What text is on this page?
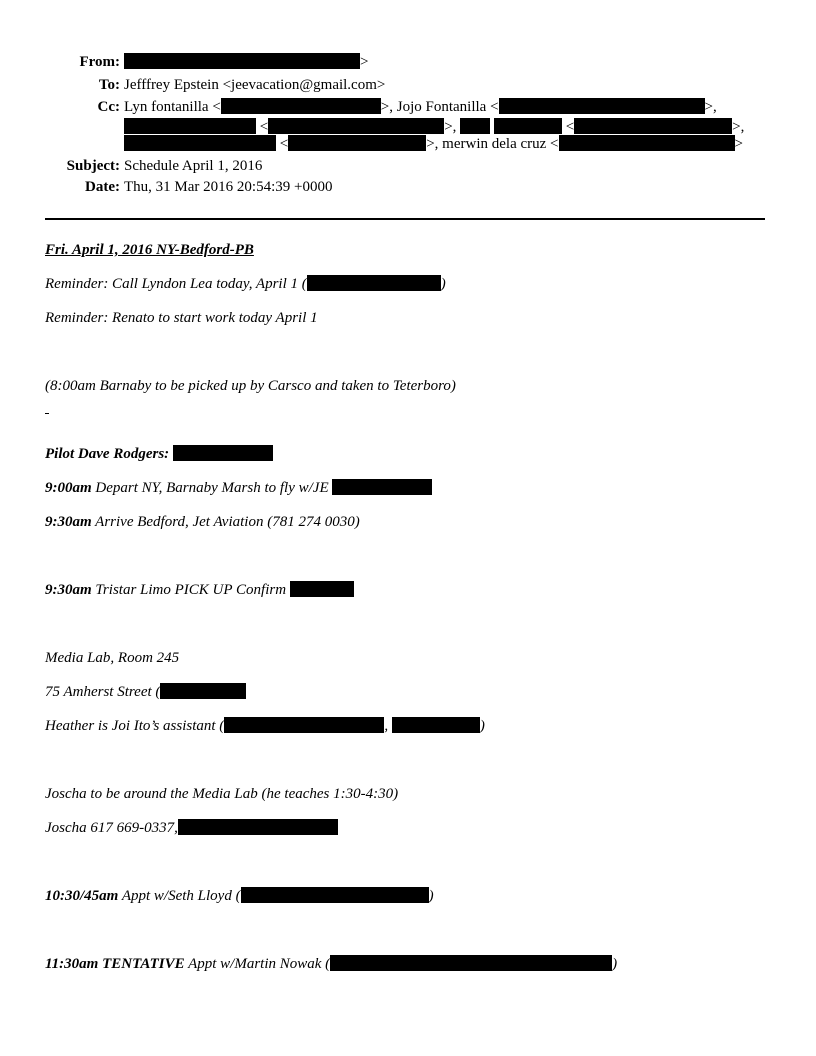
From:	>
To: Jefffrey Epstein <jeevacation@gmail.com>
Cc: Lyn fontanilla <	>, Jojo Fontanilla <	>,
<	>,	<	>,
<	>, merwin dela cruz <	>
Subject: Schedule April 1, 2016
Date: Thu, 31 Mar 2016 20:54:39 +0000
Fri. April 1, 2016 NY-Bedford-PB
Reminder: Call Lyndon Lea today, April 1 (	)
Reminder: Renato to start work today April 1
(8:00am Barnaby to be picked up by Carsco and taken to Teterboro)
Pilot Dave Rodgers:
9:00am Depart NY, Barnaby Marsh to fly w/JE
9:30am Arrive Bedford, Jet Aviation (781 274 0030)
9:30am Tristar Limo PICK UP Confirm
Media Lab, Room 245
75 Amherst Street (
Heather is Joi Ito’s assistant (	,	)
Joscha to be around the Media Lab (he teaches 1:30-4:30)
Joscha 617 669-0337,
10:30/45am Appt w/Seth Lloyd (	)
11:30am TENTATIVE Appt w/Martin Nowak (	)
